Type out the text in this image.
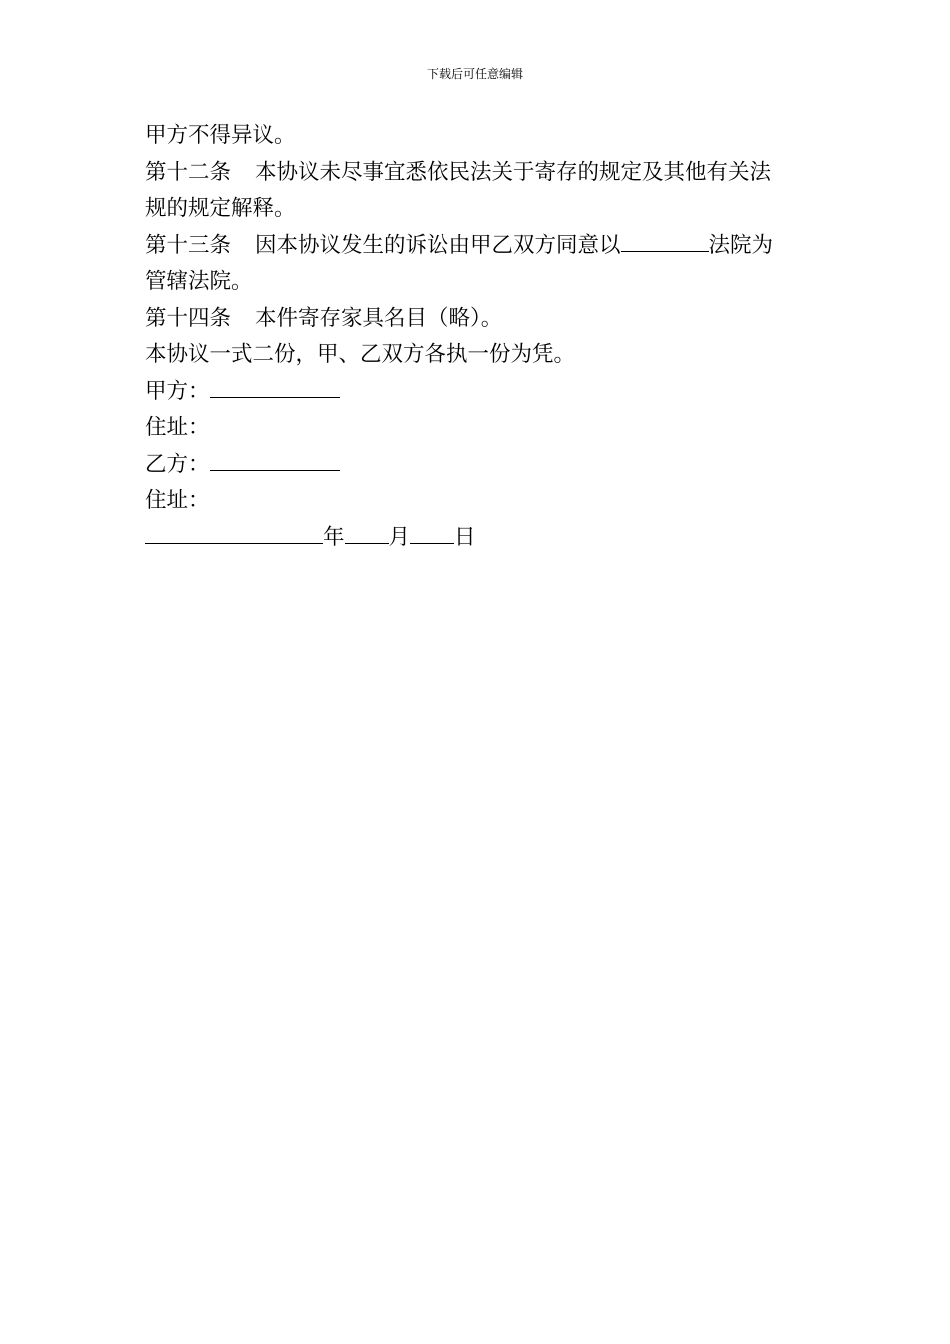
下载后可任意编辑
甲方不得异议。
第十二条 本协议未尽事宜悉依民法关于寄存的规定及其他有关法
规的规定解释。
第十三条 因本协议发生的诉讼由甲乙双方同意以	法院为
管辖法院。
第十四条 本件寄存家具名目（略）。
本协议一式二份，甲、乙双方各执一份为凭。
甲方：
住址：
乙方：
住址：
年 月 日
